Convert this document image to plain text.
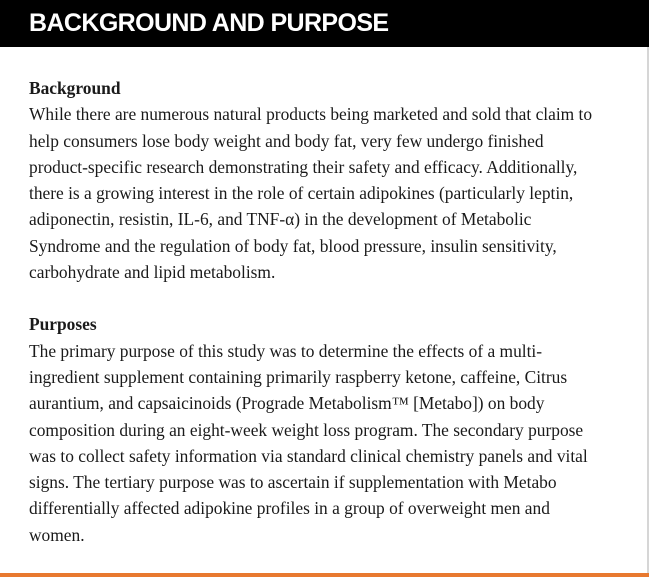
BACKGROUND AND PURPOSE
Background

While there are numerous natural products being marketed and sold that claim to
help consumers lose body weight and body fat, very few undergo finished
product-specific research demonstrating their safety and efficacy. Additionally,
there is a growing interest in the role of certain adipokines (particularly leptin,
adiponectin, resistin, IL-6, and TNF-α) in the development of Metabolic
Syndrome and the regulation of body fat, blood pressure, insulin sensitivity,
carbohydrate and lipid metabolism.

Purposes

The primary purpose of this study was to determine the effects of a multi-
ingredient supplement containing primarily raspberry ketone, caffeine, Citrus
aurantium, and capsaicinoids (Prograde Metabolism™ [Metabo]) on body
composition during an eight-week weight loss program. The secondary purpose
was to collect safety information via standard clinical chemistry panels and vital
signs. The tertiary purpose was to ascertain if supplementation with Metabo
differentially affected adipokine profiles in a group of overweight men and
women.
